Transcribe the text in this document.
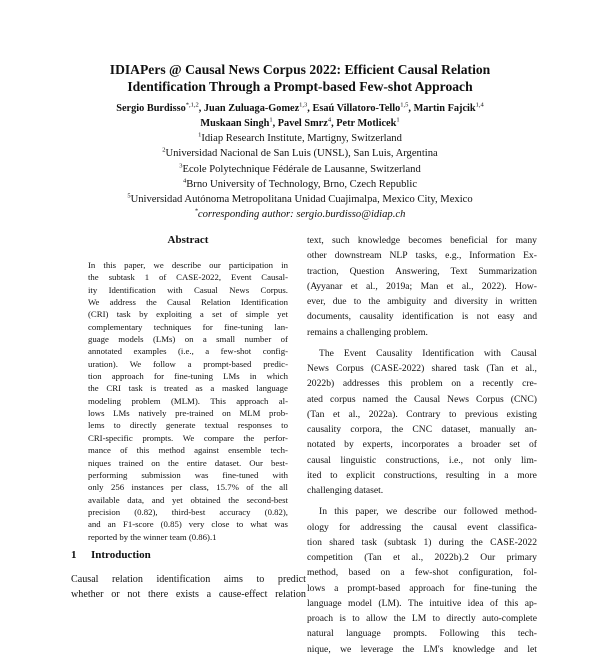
IDIAPers @ Causal News Corpus 2022: Efficient Causal Relation
Identification Through a Prompt-based Few-shot Approach
Sergio Burdisso$^{*,1,2}$, Juan Zuluaga-Gomez$^{1,3}$, Esaú Villatoro-Tello$^{1,5}$, Martin Fajcik$^{1,4}$
Muskaan Singh$^1$, Pavel Smrz$^4$, Petr Motlicek$^1$
$^1$Idiap Research Institute, Martigny, Switzerland
$^2$Universidad Nacional de San Luis (UNSL), San Luis, Argentina
$^3$Ecole Polytechnique Fédérale de Lausanne, Switzerland
$^4$Brno University of Technology, Brno, Czech Republic
$^5$Universidad Autónoma Metropolitana Unidad Cuajimalpa, Mexico City, Mexico
*corresponding author: sergio.burdisso@idiap.ch
Abstract
In this paper, we describe our participation in
the subtask 1 of CASE-2022, Event Causal-
ity Identification with Casual News Corpus.
We address the Causal Relation Identification
(CRI) task by exploiting a set of simple yet
complementary techniques for fine-tuning lan-
guage models (LMs) on a small number of
annotated examples (i.e., a few-shot config-
uration). We follow a prompt-based predic-
tion approach for fine-tuning LMs in which
the CRI task is treated as a masked language
modeling problem (MLM). This approach al-
lows LMs natively pre-trained on MLM prob-
lems to directly generate textual responses to
CRI-specific prompts. We compare the perfor-
mance of this method against ensemble tech-
niques trained on the entire dataset. Our best-
performing submission was fine-tuned with
only 256 instances per class, 15.7% of the all
available data, and yet obtained the second-best
precision (0.82), third-best accuracy (0.82),
and an F1-score (0.85) very close to what was
reported by the winner team (0.86).1
1 Introduction
Causal relation identification aims to predict
whether or not there exists a cause-effect relation
text, such knowledge becomes beneficial for many
other downstream NLP tasks, e.g., Information Ex-
traction, Question Answering, Text Summarization
(Ayyanar et al., 2019a; Man et al., 2022). How-
ever, due to the ambiguity and diversity in written
documents, causality identification is not easy and
remains a challenging problem.
The Event Causality Identification with Causal
News Corpus (CASE-2022) shared task (Tan et al.,
2022b) addresses this problem on a recently cre-
ated corpus named the Causal News Corpus (CNC)
(Tan et al., 2022a). Contrary to previous existing
causality corpora, the CNC dataset, manually an-
notated by experts, incorporates a broader set of
causal linguistic constructions, i.e., not only lim-
ited to explicit constructions, resulting in a more
challenging dataset.
In this paper, we describe our followed method-
ology for addressing the causal event classifica-
tion shared task (subtask 1) during the CASE-2022
competition (Tan et al., 2022b).2 Our primary
method, based on a few-shot configuration, fol-
lows a prompt-based approach for fine-tuning the
language model (LM). The intuitive idea of this ap-
proach is to allow the LM to directly auto-complete
natural language prompts. Following this tech-
nique, we leverage the LM's knowledge and let
